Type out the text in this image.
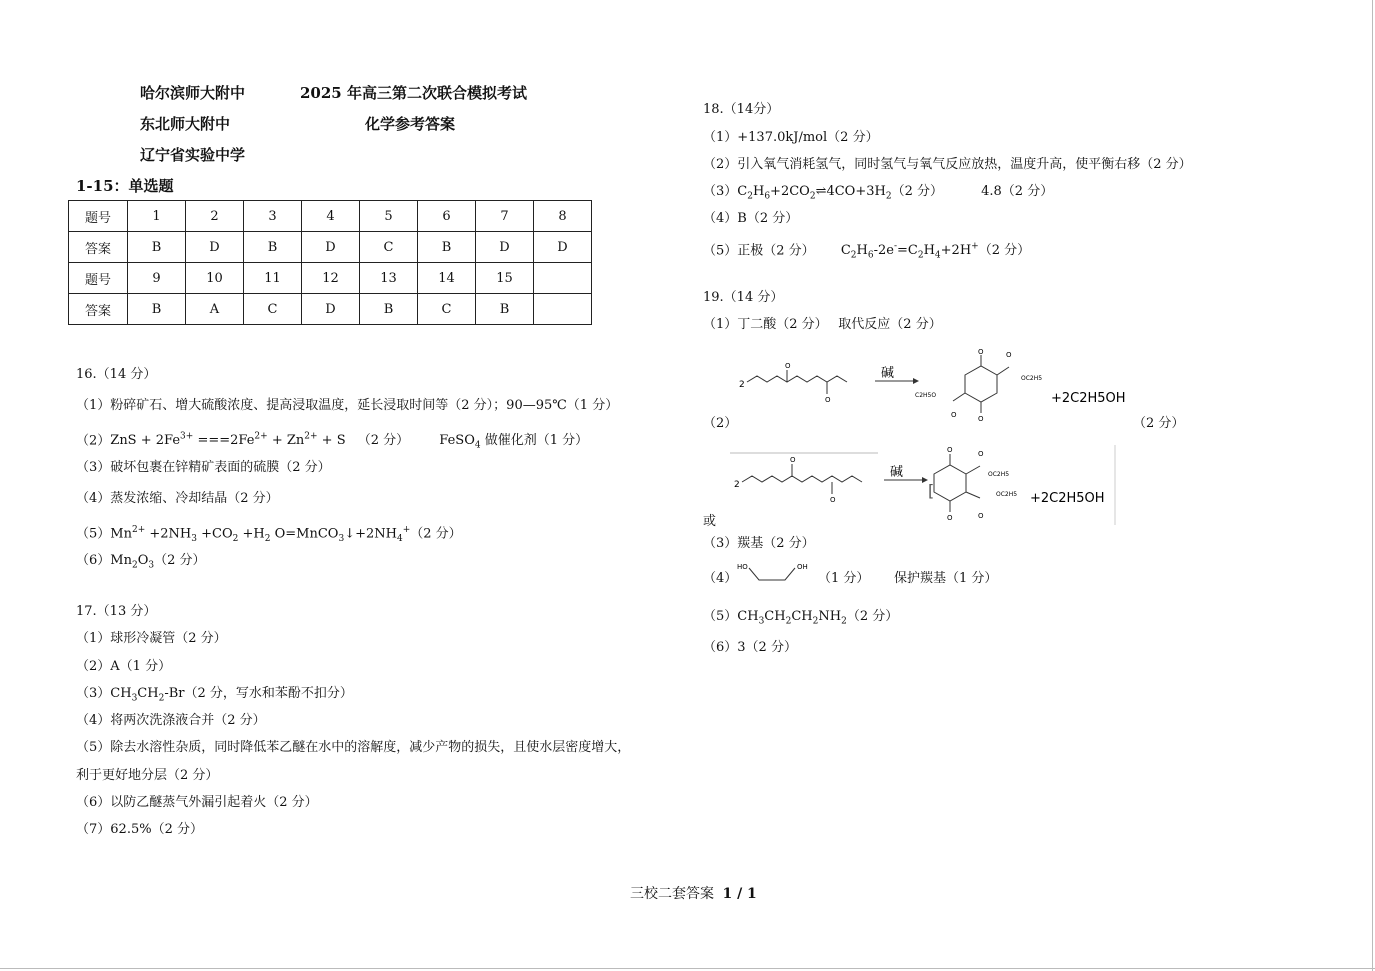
哈尔滨师大附中	2025 年高三第二次联合模拟考试
东北师大附中	化学参考答案
辽宁省实验中学
1-15：单选题
题号	1	2	3	4	5	6	7	8
答案	B	D	B	D	C	B	D	D
题号	9	10	11	12	13	14	15	
答案	B	A	C	D	B	C	B	
16.（14 分）
（1）粉碎矿石、增大硫酸浓度、提高浸取温度，延长浸取时间等（2 分）；90—95℃（1 分）
$(2)ZnS + 2Fe^{3+} ===2Fe^{2+} + Zn^{2+} + S$ （2 分） FeSO$_4$ 做催化剂（1 分）
（3）破坏包裹在锌精矿表面的硫膜（2 分）
（4）蒸发浓缩、冷却结晶（2 分）
$(5)Mn^{2+} +2NH_3 +CO_2 +H_2$ $O=MnCO_3↓+2NH_4^+(2$ 分）
$(6)Mn_2O_3(2$ 分）
17.（13 分）
（1）球形冷凝管（2 分）
（2）A（1 分）
$(3)CH_3CH_2-Br(2$ 分，写水和苯酚不扣分）
（4）将两次洗涤液合并（2 分）
（5）除去水溶性杂质，同时降低苯乙醚在水中的溶解度，减少产物的损失，且使水层密度增大，
利于更好地分层（2 分）
（6）以防乙醚蒸气外漏引起着火（2 分）
（7）62.5%（2 分）
18.（14分）
（1）+137.0kJ/mol（2 分）
（2）引入氧气消耗氢气，同时氢气与氧气反应放热，温度升高，使平衡右移（2 分）
$(3)C_2H_6+2CO_2\rightleftharpoons 4CO+3H_2(2$ 分）	4.8（2 分）
（4）B（2 分）
（5）正极（2 分） $C_2H_6-2e^-=C_2H_4+2H^+(2$ 分）
19.（14 分）
（1）丁二酸（2 分）　 取代反应（2 分）
2
O
O
碱
O
O
O
OC2H5
C2H5O
O
+2C2H5OH
（2）	（2 分）
2
O
O
碱
[
O
O
O
OC2H5
OC2H5
O
+2C2H5OH
或
（3）羰基（2 分）
（4）
HO	OH
（1 分） 保护羰基（1 分）
$(5)CH_3CH_2CH_2NH_2(2$ 分）
（6）3（2 分）
三校二套答案 1 / 1
